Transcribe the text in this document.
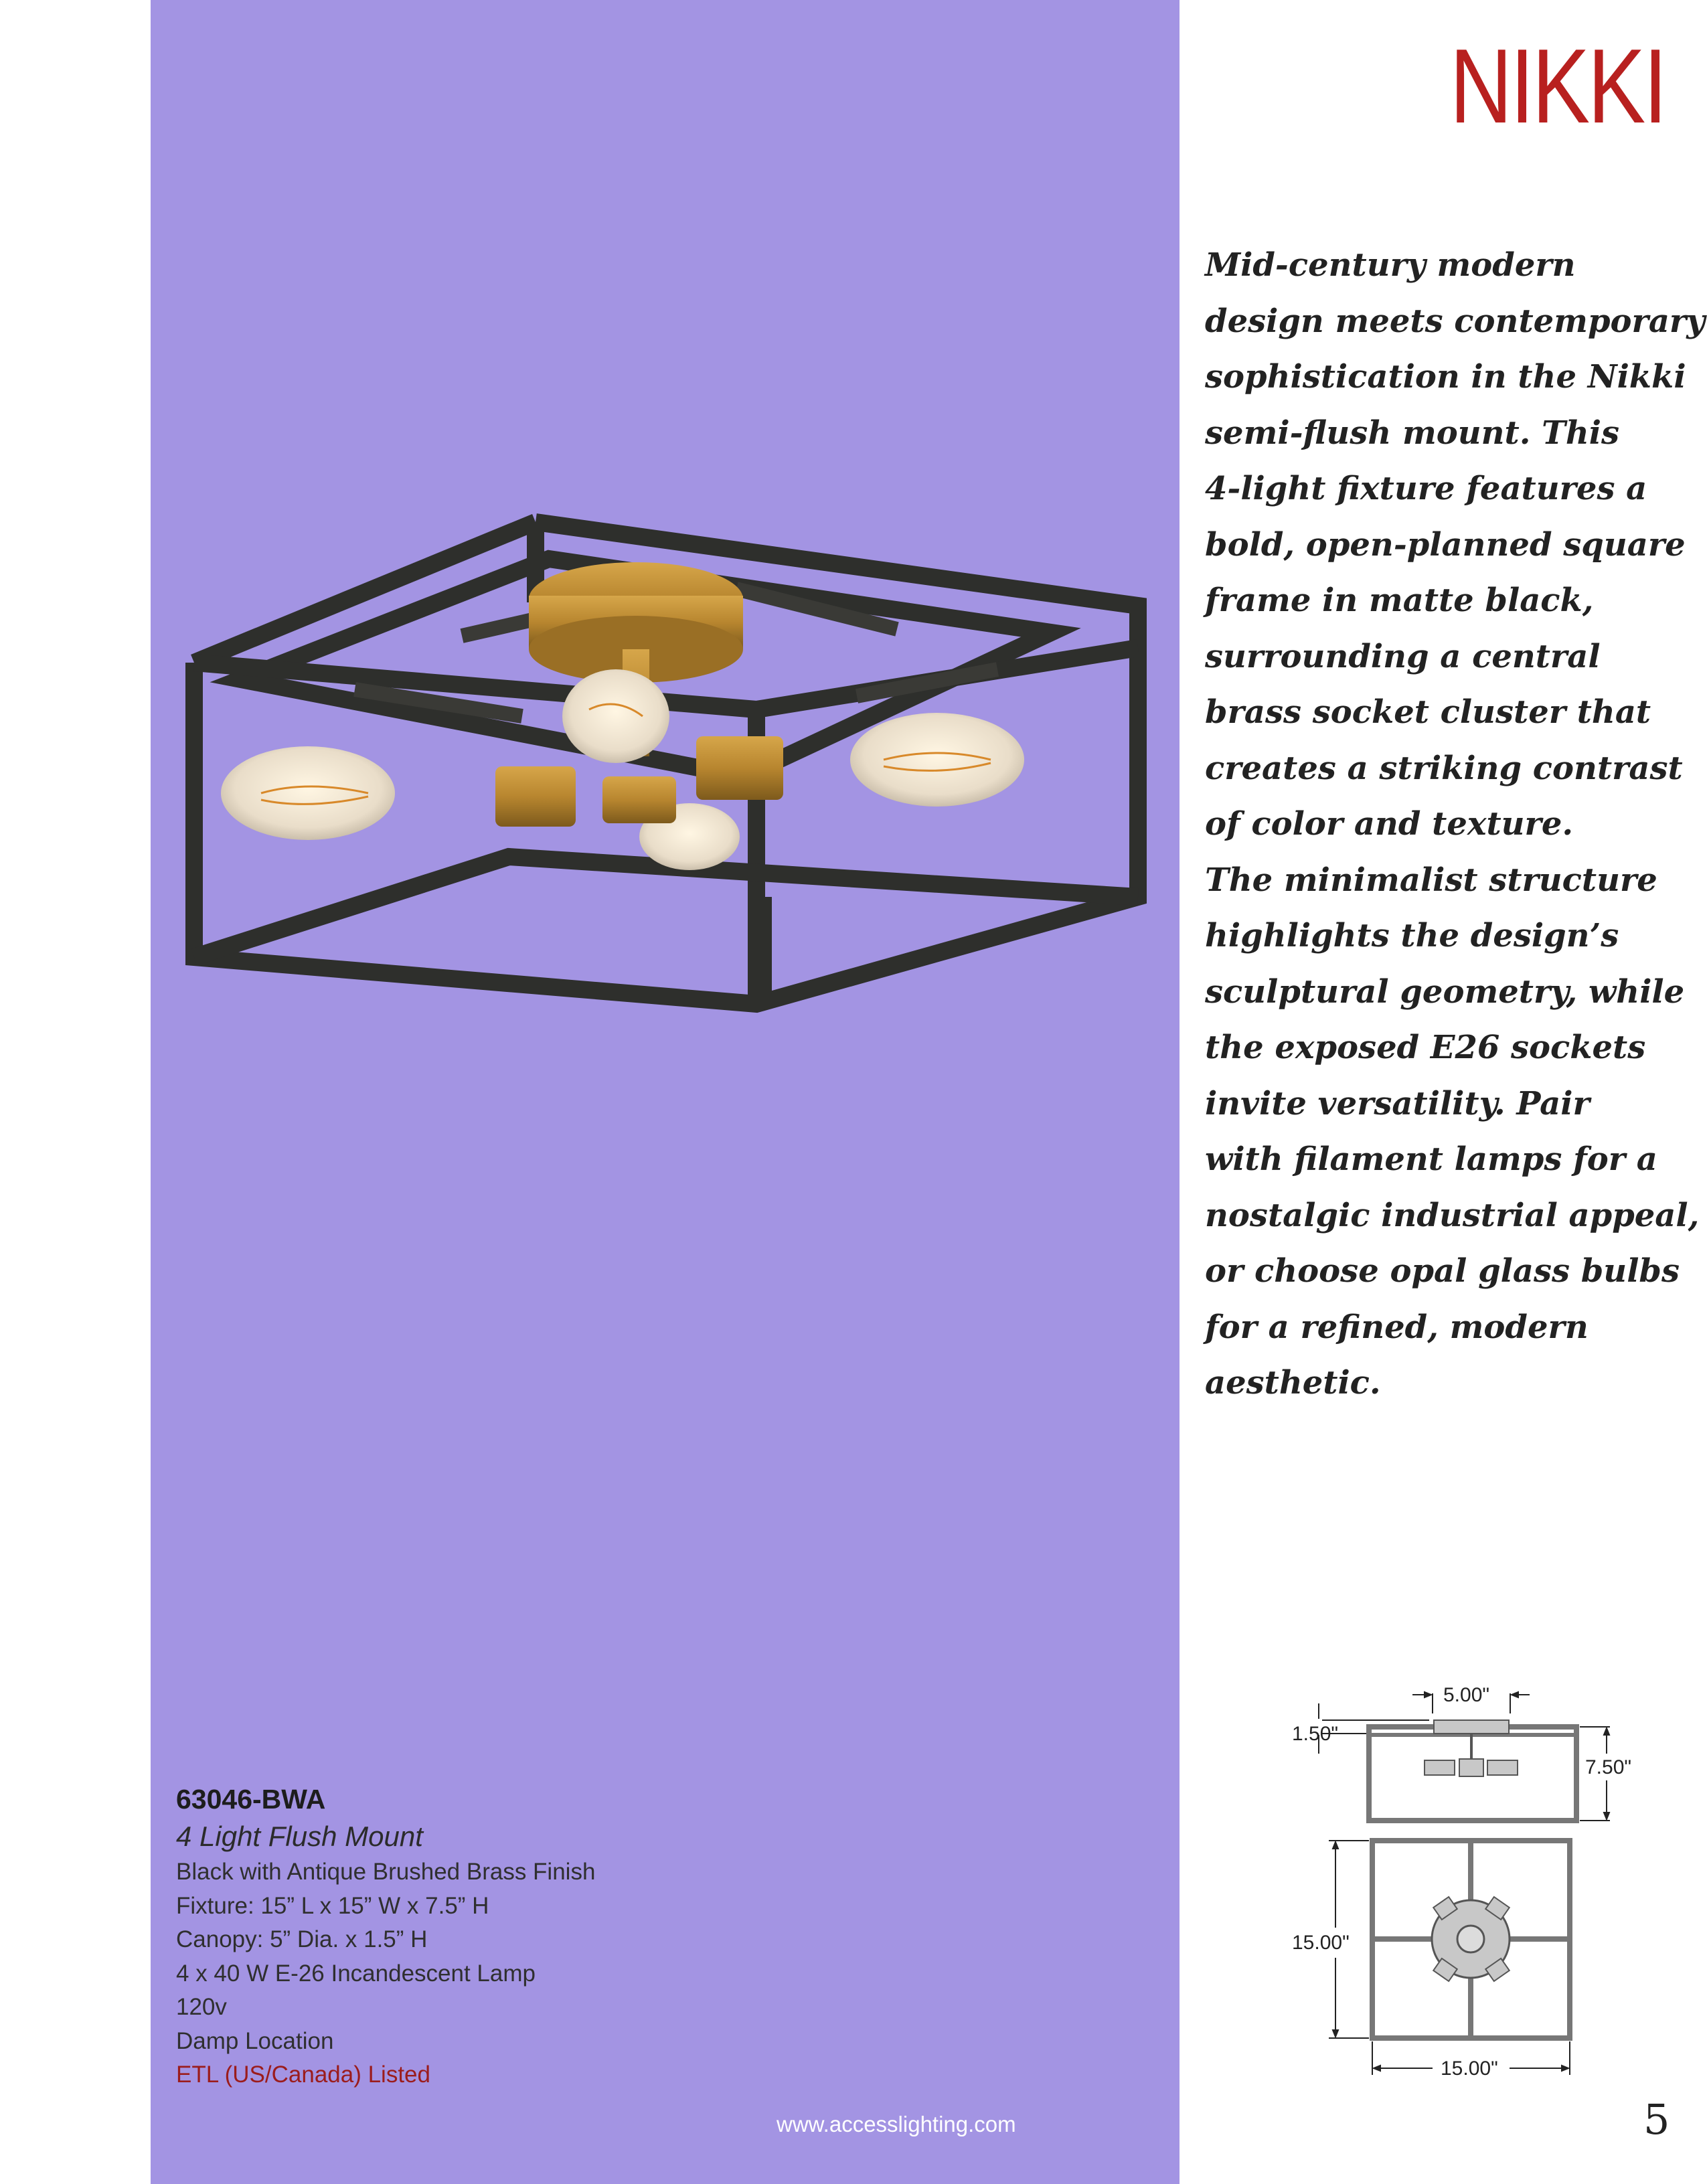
NIKKI
Mid-century modern
design meets contemporary
sophistication in the Nikki
semi-flush mount. This
4-light fixture features a
bold, open-planned square
frame in matte black,
surrounding a central
brass socket cluster that
creates a striking contrast
of color and texture.
The minimalist structure
highlights the design’s
sculptural geometry, while
the exposed E26 sockets
invite versatility. Pair
with filament lamps for a
nostalgic industrial appeal,
or choose opal glass bulbs
for a refined, modern
aesthetic.
63046-BWA
4 Light Flush Mount
Black with Antique Brushed Brass Finish
Fixture: 15” L x 15” W x 7.5” H
Canopy: 5” Dia. x 1.5” H
4 x 40 W E-26 Incandescent Lamp
120v
Damp Location
ETL (US/Canada) Listed
5.00"
1.50"
7.50"
15.00"
15.00"
www.accesslighting.com	5
